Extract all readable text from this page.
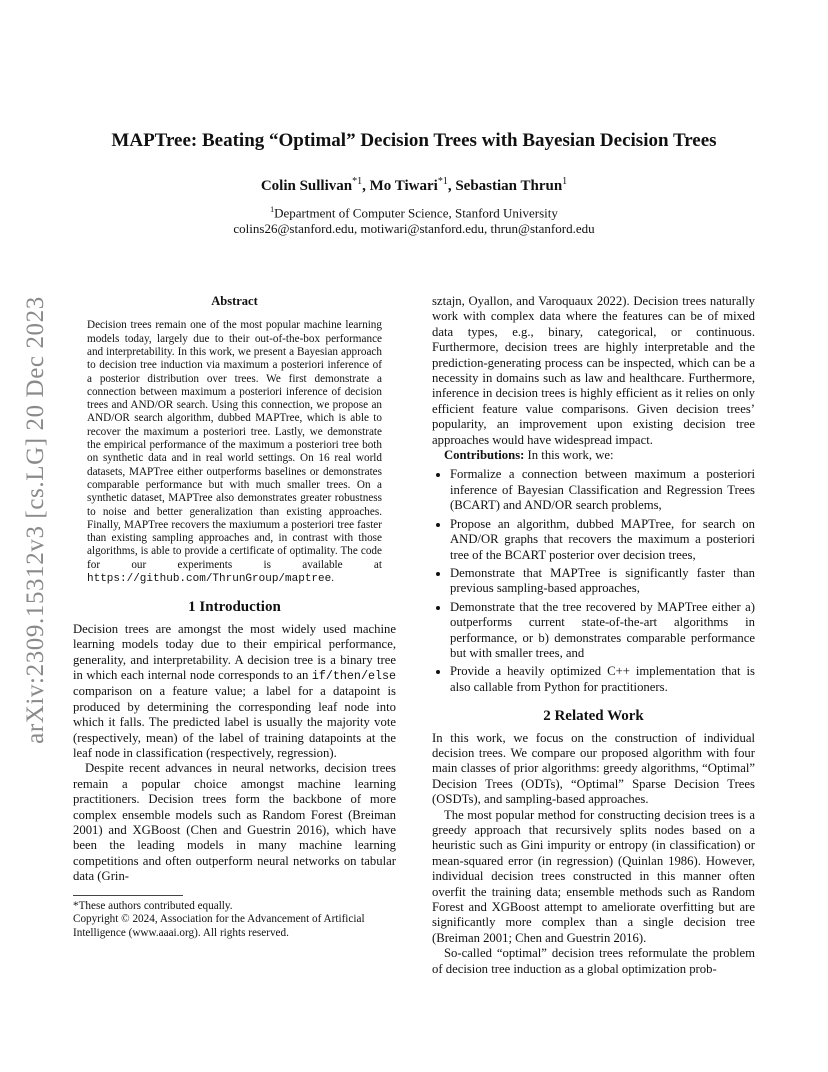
arXiv:2309.15312v3 [cs.LG] 20 Dec 2023
MAPTree: Beating “Optimal” Decision Trees with Bayesian Decision Trees
Colin Sullivan$^{*1}$, Mo Tiwari$^{*1}$, Sebastian Thrun$^1$
$^1$Department of Computer Science, Stanford University
colins26@stanford.edu, motiwari@stanford.edu, thrun@stanford.edu
Abstract
Decision trees remain one of the most popular machine learning models today, largely due to their out-of-the-box performance and interpretability. In this work, we present a Bayesian approach to decision tree induction via maximum a posteriori inference of a posterior distribution over trees. We first demonstrate a connection between maximum a posteriori inference of decision trees and AND/OR search. Using this connection, we propose an AND/OR search algorithm, dubbed MAPTree, which is able to recover the maximum a posteriori tree. Lastly, we demonstrate the empirical performance of the maximum a posteriori tree both on synthetic data and in real world settings. On 16 real world datasets, MAPTree either outperforms baselines or demonstrates comparable performance but with much smaller trees. On a synthetic dataset, MAPTree also demonstrates greater robustness to noise and better generalization than existing approaches. Finally, MAPTree recovers the maxiumum a posteriori tree faster than existing sampling approaches and, in contrast with those algorithms, is able to provide a certificate of optimality. The code for our experiments is available at https://github.com/ThrunGroup/maptree.
1 Introduction

Decision trees are amongst the most widely used machine learning models today due to their empirical performance, generality, and interpretability. A decision tree is a binary tree in which each internal node corresponds to an if/then/else comparison on a feature value; a label for a datapoint is produced by determining the corresponding leaf node into which it falls. The predicted label is usually the majority vote (respectively, mean) of the label of training datapoints at the leaf node in classification (respectively, regression).

Despite recent advances in neural networks, decision trees remain a popular choice amongst machine learning practitioners. Decision trees form the backbone of more complex ensemble models such as Random Forest (Breiman 2001) and XGBoost (Chen and Guestrin 2016), which have been the leading models in many machine learning competitions and often outperform neural networks on tabular data (Grin-

*These authors contributed equally.
Copyright © 2024, Association for the Advancement of Artificial Intelligence (www.aaai.org). All rights reserved.

sztajn, Oyallon, and Varoquaux 2022). Decision trees naturally work with complex data where the features can be of mixed data types, e.g., binary, categorical, or continuous. Furthermore, decision trees are highly interpretable and the prediction-generating process can be inspected, which can be a necessity in domains such as law and healthcare. Furthermore, inference in decision trees is highly efficient as it relies on only efficient feature value comparisons. Given decision trees’ popularity, an improvement upon existing decision tree approaches would have widespread impact.

Contributions: In this work, we:

• Formalize a connection between maximum a posteriori inference of Bayesian Classification and Regression Trees (BCART) and AND/OR search problems,
• Propose an algorithm, dubbed MAPTree, for search on AND/OR graphs that recovers the maximum a posteriori tree of the BCART posterior over decision trees,
• Demonstrate that MAPTree is significantly faster than previous sampling-based approaches,
• Demonstrate that the tree recovered by MAPTree either a) outperforms current state-of-the-art algorithms in performance, or b) demonstrates comparable performance but with smaller trees, and
• Provide a heavily optimized C++ implementation that is also callable from Python for practitioners.
2 Related Work

In this work, we focus on the construction of individual decision trees. We compare our proposed algorithm with four main classes of prior algorithms: greedy algorithms, “Optimal” Decision Trees (ODTs), “Optimal” Sparse Decision Trees (OSDTs), and sampling-based approaches.

The most popular method for constructing decision trees is a greedy approach that recursively splits nodes based on a heuristic such as Gini impurity or entropy (in classification) or mean-squared error (in regression) (Quinlan 1986). However, individual decision trees constructed in this manner often overfit the training data; ensemble methods such as Random Forest and XGBoost attempt to ameliorate overfitting but are significantly more complex than a single decision tree (Breiman 2001; Chen and Guestrin 2016).

So-called “optimal” decision trees reformulate the problem of decision tree induction as a global optimization prob-
